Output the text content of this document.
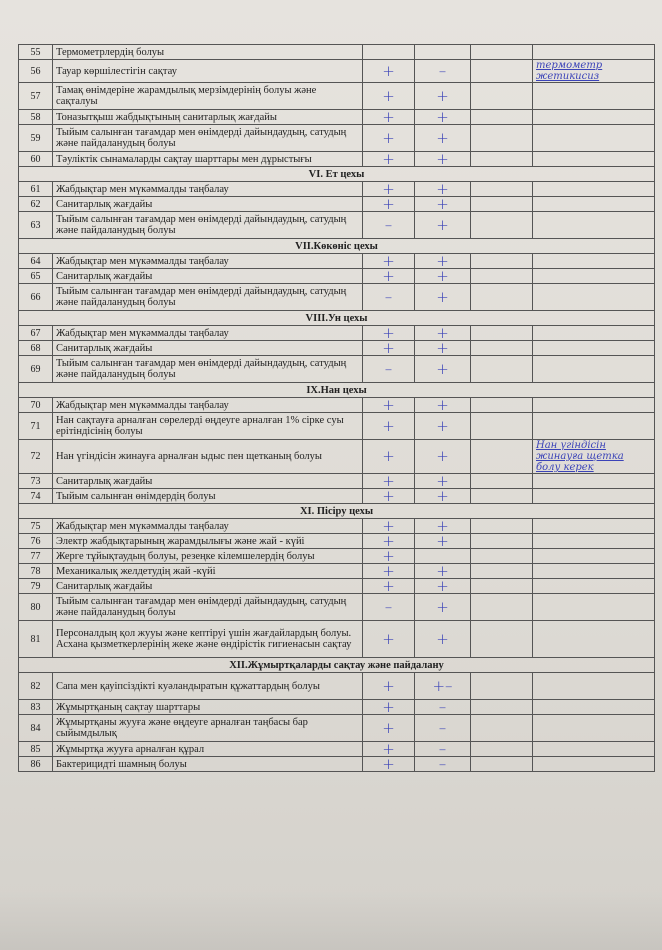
55	Термометрлердің болуы				
56	Тауар көршілестігін сақтау	+	–		термометр жетикисиз
57	Тамақ өнімдеріне жарамдылық мерзімдерінің болуы және сақталуы	+	+		
58	Тоназытқыш жабдықтының санитарлық жағдайы	+	+		
59	Тыйым салынған тағамдар мен өнімдерді дайындаудың, сатудың және пайдаланудың болуы	+	+		
60	Тәуліктік сынамаларды сақтау шарттары мен дұрыстығы	+	+		
VI. Ет цехы					
61	Жабдықтар мен мүкәммалды таңбалау	+	+		
62	Санитарлық жағдайы	+	+		
63	Тыйым салынған тағамдар мен өнімдерді дайындаудың, сатудың және пайдаланудың болуы	–	+		
VII.Көкөніс цехы					
64	Жабдықтар мен мүкәммалды таңбалау	+	+		
65	Санитарлық жағдайы	+	+		
66	Тыйым салынған тағамдар мен өнімдерді дайындаудың, сатудың және пайдаланудың болуы	–	+		
VIII.Ун цехы					
67	Жабдықтар мен мүкәммалды таңбалау	+	+		
68	Санитарлық жағдайы	+	+		
69	Тыйым салынған тағамдар мен өнімдерді дайындаудың, сатудың және пайдаланудың болуы	–	+		
IX.Нан цехы					
70	Жабдықтар мен мүкәммалды таңбалау	+	+		
71	Нан сақтауға арналған сөрелерді өңдеуге арналған 1% сірке суы ерітіндісінің болуы	+	+		
72	Нан үгіндісін жинауға арналған ыдыс пен щетканың болуы	+	+		Нан үгіндісін жинауға щетка болу керек
73	Санитарлық жағдайы	+	+		
74	Тыйым салынған өнімдердің болуы	+	+		
XI. Пісіру цехы					
75	Жабдықтар мен мүкәммалды таңбалау	+	+		
76	Электр жабдықтарының жарамдылығы және жай - күйі	+	+		
77	Жерге тұйықтаудың болуы, резеңке кілемшелердің болуы	+			
78	Механикалық желдетудің жай -күйі	+	+		
79	Санитарлық жағдайы	+	+		
80	Тыйым салынған тағамдар мен өнімдерді дайындаудың, сатудың және пайдаланудың болуы	–	+		
81	Персоналдың қол жууы және кептіруі үшін жағдайлардың болуы. Асхана қызметкерлерінің жеке және өндірістік гигиенасын сақтау	+	+		
XII.Жұмыртқаларды сақтау және пайдалану					
82	Сапа мен қауіпсіздікті куәландыратын құжаттардың болуы	+	+–		
83	Жұмыртқаның сақтау шарттары	+	–		
84	Жұмыртқаны жууға және өңдеуге арналған таңбасы бар сыйымдылық	+	–		
85	Жұмыртқа жууға арналған құрал	+	–		
86	Бактерицидті шамның болуы	+	–		
